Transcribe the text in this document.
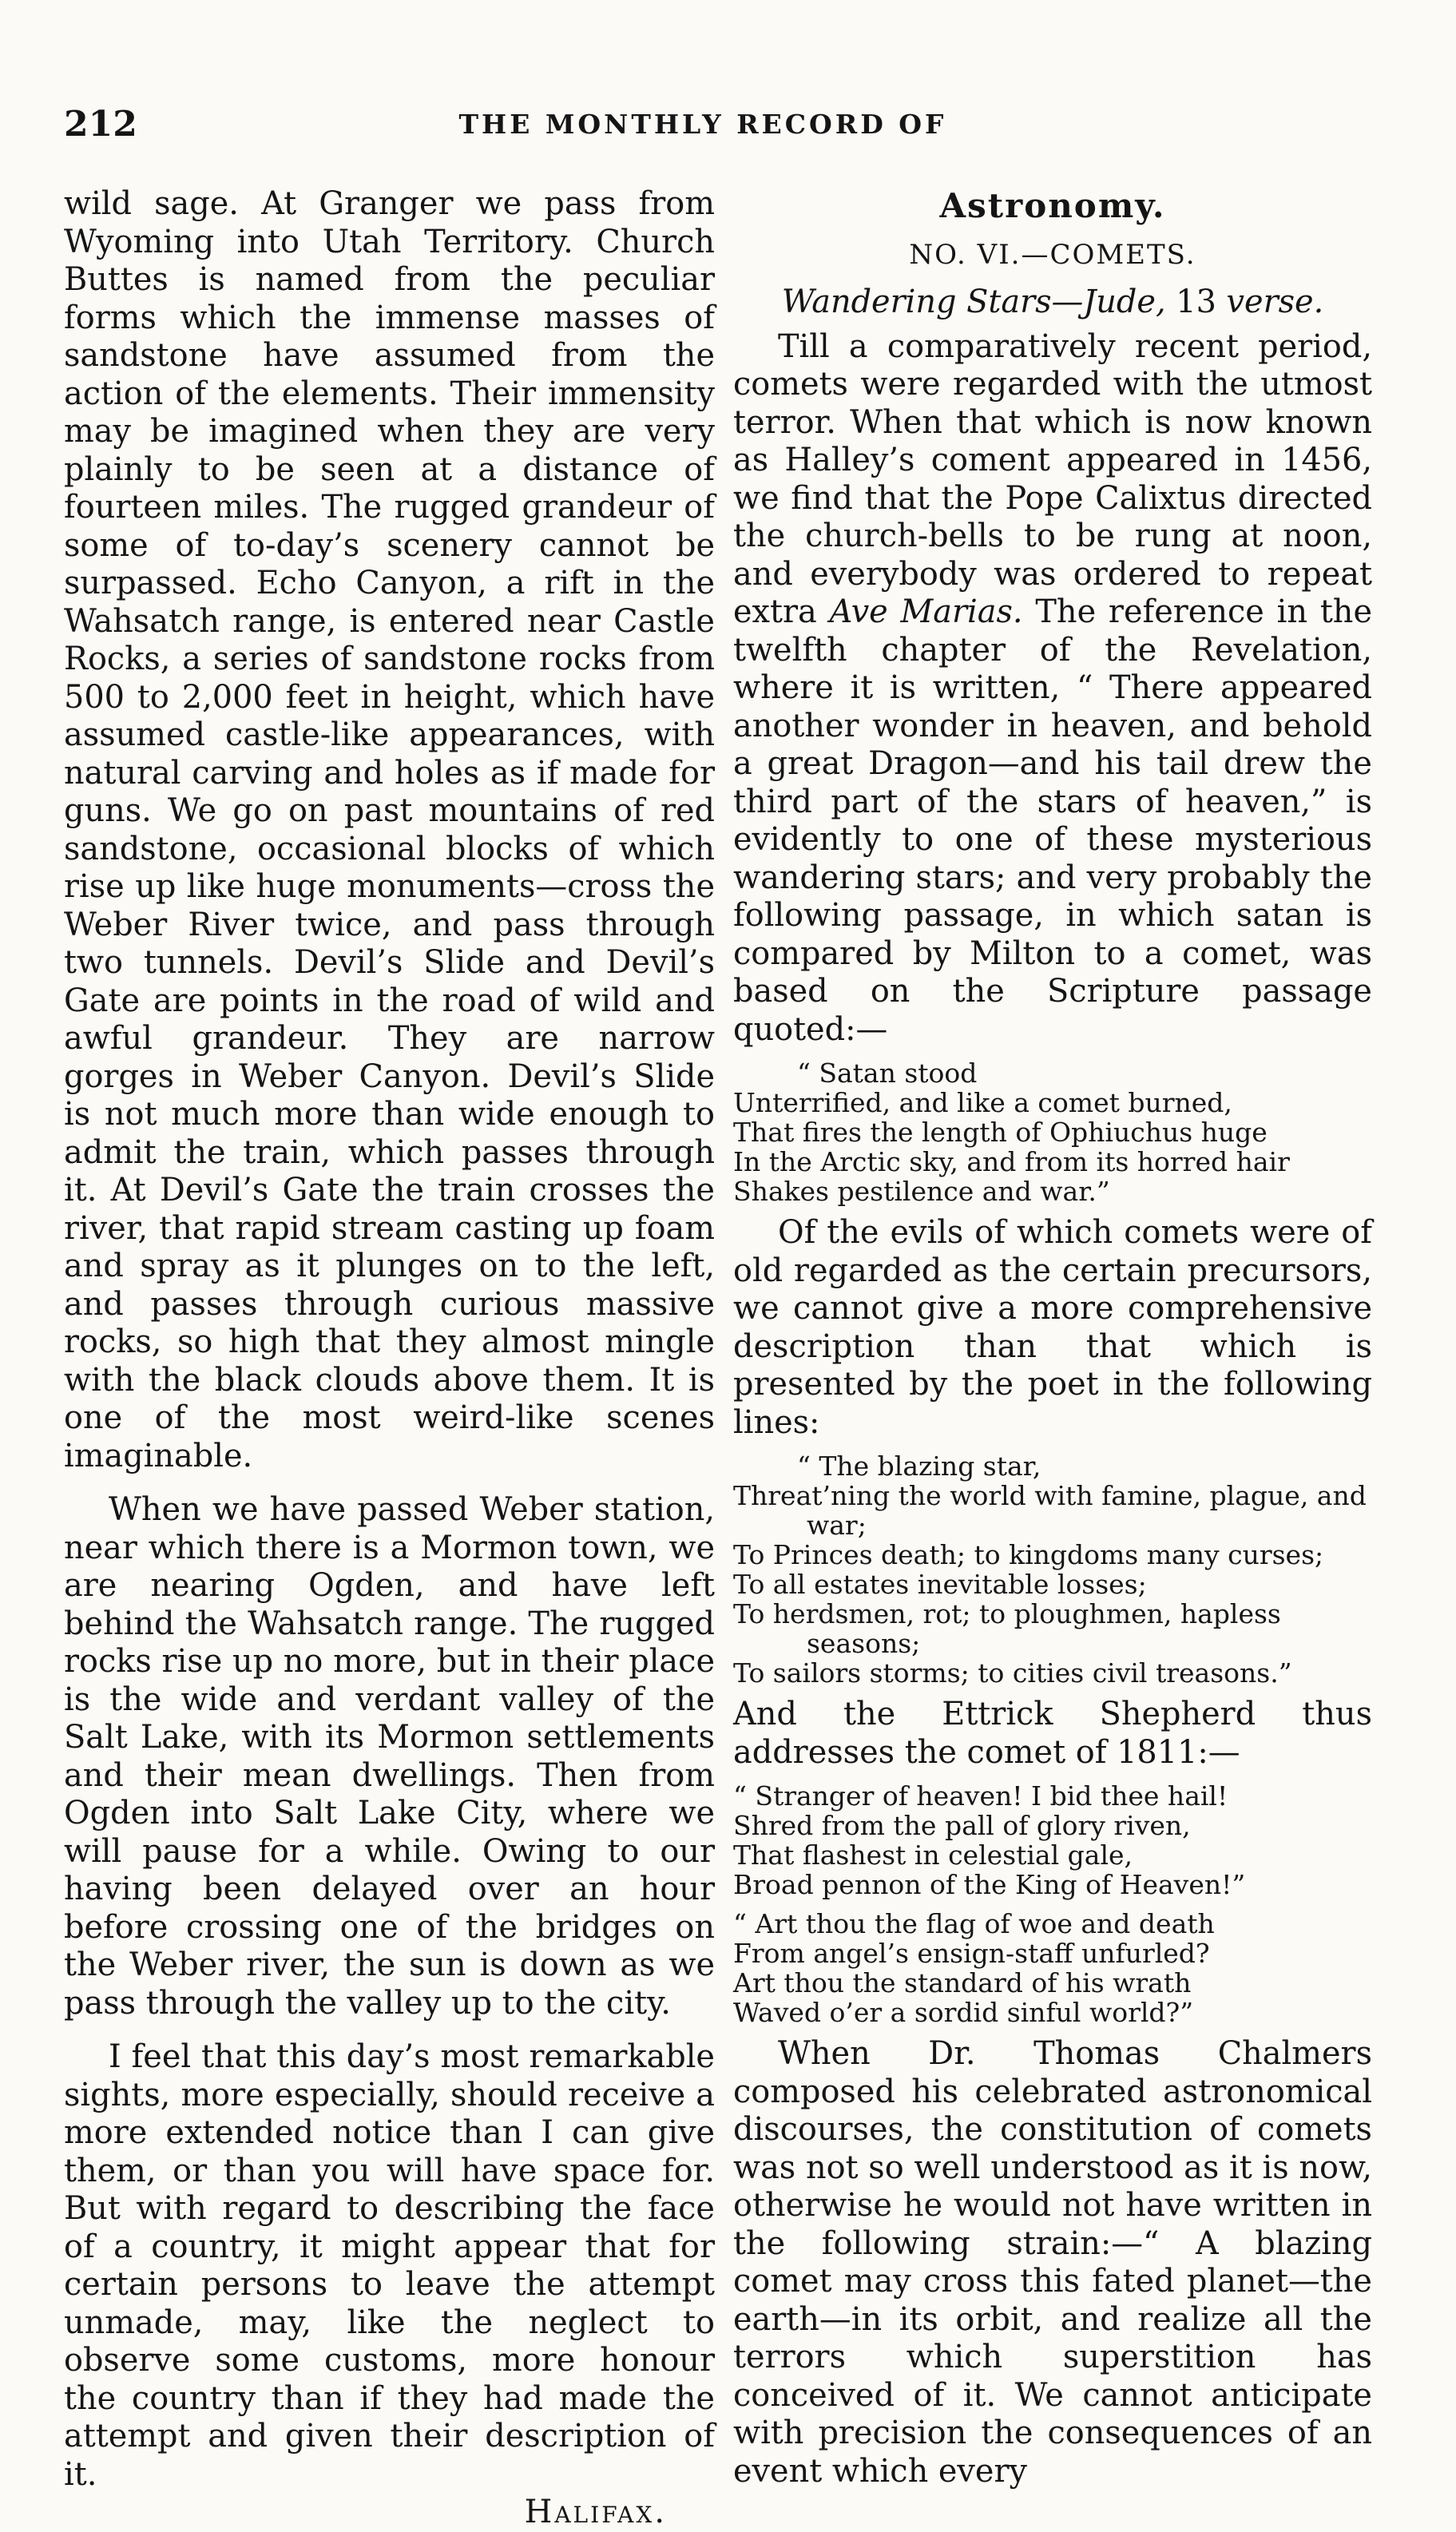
212	THE MONTHLY RECORD OF

wild sage. At Granger we pass from Wyoming into Utah Territory. Church Buttes is named from the peculiar forms which the immense masses of sandstone have assumed from the action of the elements. Their immensity may be imagined when they are very plainly to be seen at a distance of fourteen miles. The rugged grandeur of some of to-day’s scenery cannot be surpassed. Echo Canyon, a rift in the Wahsatch range, is entered near Castle Rocks, a series of sandstone rocks from 500 to 2,000 feet in height, which have assumed castle-like appearances, with natural carving and holes as if made for guns. We go on past mountains of red sandstone, occasional blocks of which rise up like huge monuments—cross the Weber River twice, and pass through two tunnels. Devil’s Slide and Devil’s Gate are points in the road of wild and awful grandeur. They are narrow gorges in Weber Canyon. Devil’s Slide is not much more than wide enough to admit the train, which passes through it. At Devil’s Gate the train crosses the river, that rapid stream casting up foam and spray as it plunges on to the left, and passes through curious massive rocks, so high that they almost mingle with the black clouds above them. It is one of the most weird-like scenes imaginable.

When we have passed Weber station, near which there is a Mormon town, we are nearing Ogden, and have left behind the Wahsatch range. The rugged rocks rise up no more, but in their place is the wide and verdant valley of the Salt Lake, with its Mormon settlements and their mean dwellings. Then from Ogden into Salt Lake City, where we will pause for a while. Owing to our having been delayed over an hour before crossing one of the bridges on the Weber river, the sun is down as we pass through the valley up to the city.

I feel that this day’s most remarkable sights, more especially, should receive a more extended notice than I can give them, or than you will have space for. But with regard to describing the face of a country, it might appear that for certain persons to leave the attempt unmade, may, like the neglect to observe some customs, more honour the country than if they had made the attempt and given their description of it.

Halifax.

Astronomy.
NO. VI.—COMETS.
Wandering Stars—Jude, 13 verse.

Till a comparatively recent period, comets were regarded with the utmost terror. When that which is now known as Halley’s coment appeared in 1456, we find that the Pope Calixtus directed the church-bells to be rung at noon, and everybody was ordered to repeat extra Ave Marias. The reference in the twelfth chapter of the Revelation, where it is written, “ There appeared another wonder in heaven, and behold a great Dragon—and his tail drew the third part of the stars of heaven,” is evidently to one of these mysterious wandering stars; and very probably the following passage, in which satan is compared by Milton to a comet, was based on the Scripture passage quoted:—

“ Satan stood
Unterrified, and like a comet burned,
That fires the length of Ophiuchus huge
In the Arctic sky, and from its horred hair
Shakes pestilence and war.”

Of the evils of which comets were of old regarded as the certain precursors, we cannot give a more comprehensive description than that which is presented by the poet in the following lines:

“ The blazing star,
Threat’ning the world with famine, plague, and war;
To Princes death; to kingdoms many curses;
To all estates inevitable losses;
To herdsmen, rot; to ploughmen, hapless seasons;
To sailors storms; to cities civil treasons.”

And the Ettrick Shepherd thus addresses the comet of 1811:—

“ Stranger of heaven! I bid thee hail!
Shred from the pall of glory riven,
That flashest in celestial gale,
Broad pennon of the King of Heaven!”
“ Art thou the flag of woe and death
From angel’s ensign-staff unfurled?
Art thou the standard of his wrath
Waved o’er a sordid sinful world?”

When Dr. Thomas Chalmers composed his celebrated astronomical discourses, the constitution of comets was not so well understood as it is now, otherwise he would not have written in the following strain:—“ A blazing comet may cross this fated planet—the earth—in its orbit, and realize all the terrors which superstition has conceived of it. We cannot anticipate with precision the consequences of an event which every
